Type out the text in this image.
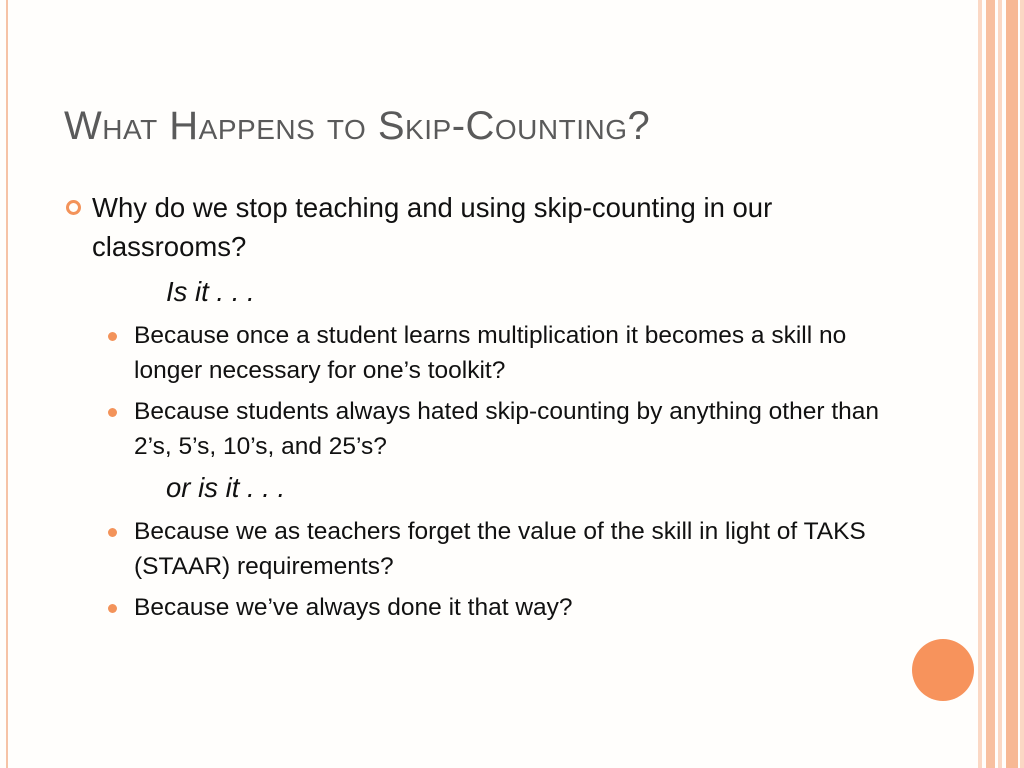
What Happens to Skip-Counting?
Why do we stop teaching and using skip-counting in our classrooms?
Is it . . .
Because once a student learns multiplication it becomes a skill no longer necessary for one’s toolkit?
Because students always hated skip-counting by anything other than 2’s, 5’s, 10’s, and 25’s?
or is it . . .
Because we as teachers forget the value of the skill in light of TAKS (STAAR) requirements?
Because we’ve always done it that way?
